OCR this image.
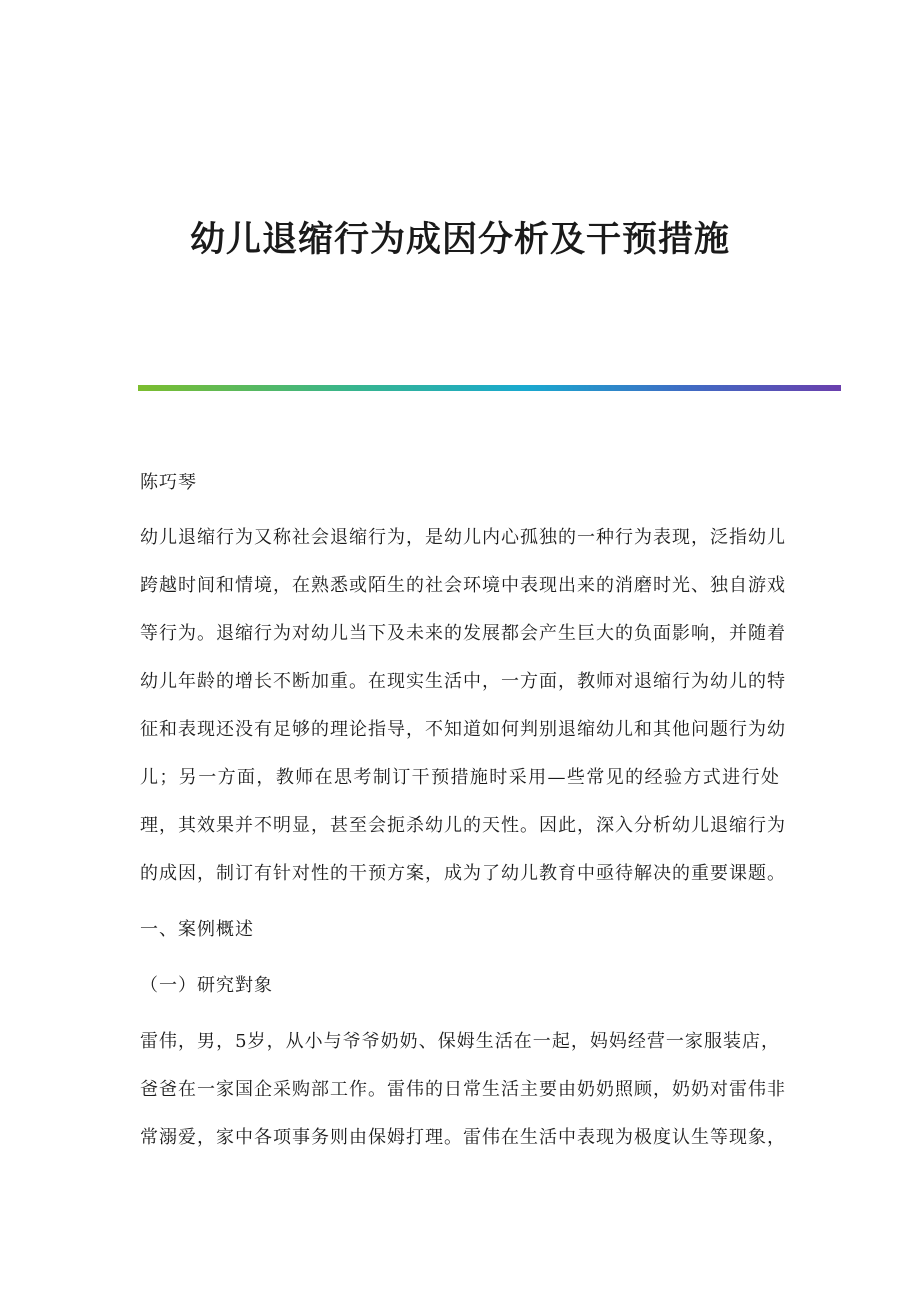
幼儿退缩行为成因分析及干预措施
陈巧琴
幼儿退缩行为又称社会退缩行为，是幼儿内心孤独的一种行为表现，泛指幼儿
跨越时间和情境，在熟悉或陌生的社会环境中表现出来的消磨时光、独自游戏
等行为。退缩行为对幼儿当下及未来的发展都会产生巨大的负面影响，并随着
幼儿年龄的增长不断加重。在现实生活中，一方面，教师对退缩行为幼儿的特
征和表现还没有足够的理论指导，不知道如何判别退缩幼儿和其他问题行为幼
儿；另一方面，教师在思考制订干预措施时采用—些常见的经验方式进行处
理，其效果并不明显，甚至会扼杀幼儿的天性。因此，深入分析幼儿退缩行为
的成因，制订有针对性的干预方案，成为了幼儿教育中亟待解决的重要课题。
一、案例概述
（一）研究對象
雷伟，男，5岁，从小与爷爷奶奶、保姆生活在一起，妈妈经营一家服装店，
爸爸在一家国企采购部工作。雷伟的日常生活主要由奶奶照顾，奶奶对雷伟非
常溺爱，家中各项事务则由保姆打理。雷伟在生活中表现为极度认生等现象，
